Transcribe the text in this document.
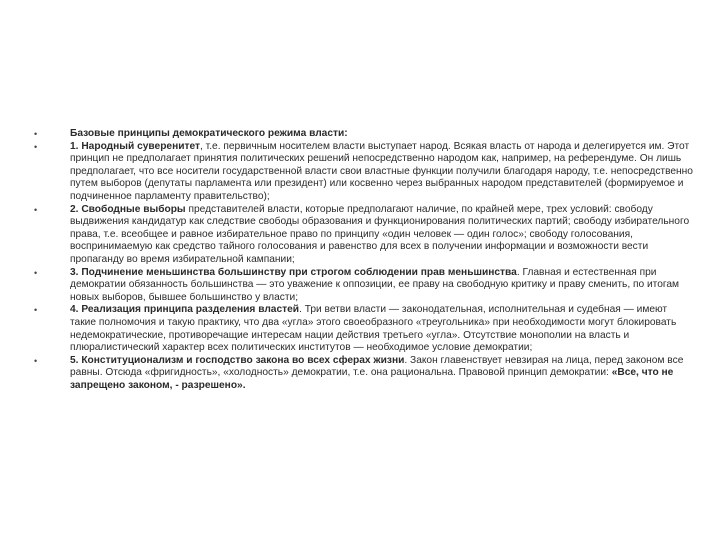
•	Базовые принципы демократического режима власти:
•	1. Народный суверенитет, т.е. первичным носителем власти выступает народ. Всякая власть от народа и делегируется им. Этот принцип не предполагает принятия политических решений непосредственно народом как, например, на референдуме. Он лишь предполагает, что все носители государственной власти свои властные функции получили благодаря народу, т.е. непосредственно путем выборов (депутаты парламента или президент) или косвенно через выбранных народом представителей (формируемое и подчиненное парламенту правительство);
•	2. Свободные выборы представителей власти, которые предполагают наличие, по крайней мере, трех условий: свободу выдвижения кандидатур как следствие свободы образования и функционирования политических партий; свободу избирательного права, т.е. всеобщее и равное избирательное право по принципу «один человек — один голос»; свободу голосования, воспринимаемую как средство тайного голосования и равенство для всех в получении информации и возможности вести пропаганду во время избирательной кампании;
•	3. Подчинение меньшинства большинству при строгом соблюдении прав меньшинства. Главная и естественная при демократии обязанность большинства — это уважение к оппозиции, ее праву на свободную критику и праву сменить, по итогам новых выборов, бывшее большинство у власти;
•	4. Реализация принципа разделения властей. Три ветви власти — законодательная, исполнительная и судебная — имеют такие полномочия и такую практику, что два «угла» этого своеобразного «треугольника» при необходимости могут блокировать недемократические, противоречащие интересам нации действия третьего «угла». Отсутствие монополии на власть и плюралистический характер всех политических институтов — необходимое условие демократии;
•	5. Конституционализм и господство закона во всех сферах жизни. Закон главенствует невзирая на лица, перед законом все равны. Отсюда «фригидность», «холодность» демократии, т.е. она рациональна. Правовой принцип демократии: «Все, что не запрещено законом, - разрешено».
